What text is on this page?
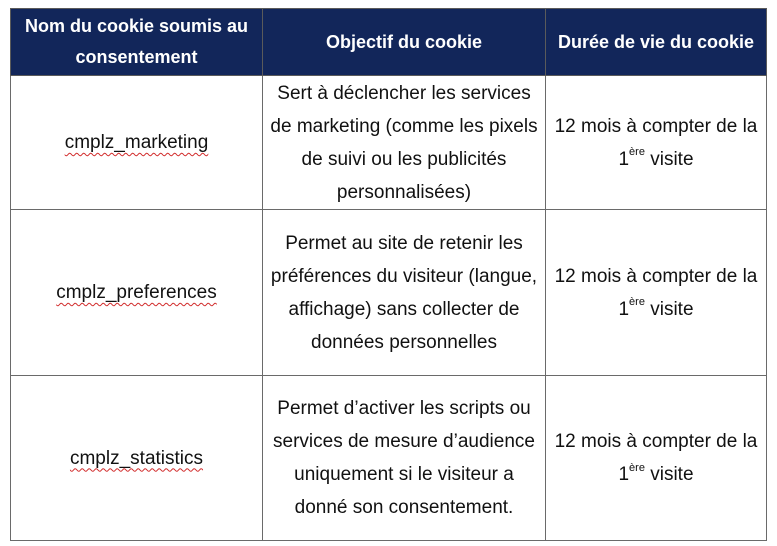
Nom du cookie soumis au consentement	Objectif du cookie	Durée de vie du cookie
cmplz_marketing	Sert à déclencher les services de marketing (comme les pixels de suivi ou les publicités personnalisées)	12 mois à compter de la 1ère visite
cmplz_preferences	Permet au site de retenir les préférences du visiteur (langue, affichage) sans collecter de données personnelles	12 mois à compter de la 1ère visite
cmplz_statistics	Permet d’activer les scripts ou services de mesure d’audience uniquement si le visiteur a donné son consentement.	12 mois à compter de la 1ère visite
